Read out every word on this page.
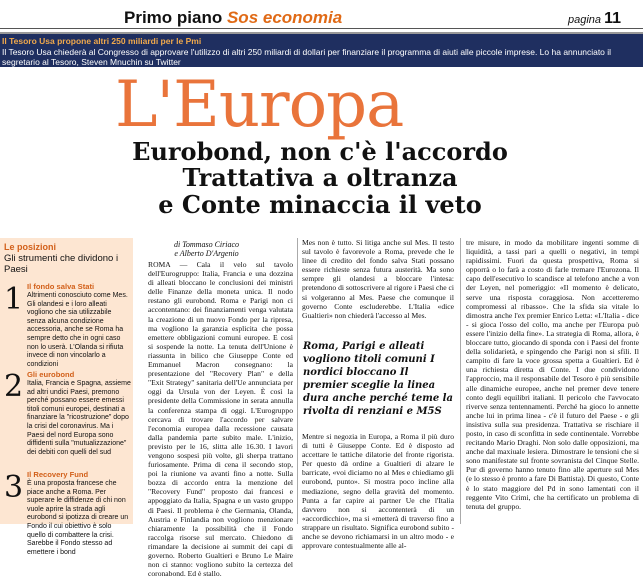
Primo piano Sos economia	pagina 11
Il Tesoro Usa propone altri 250 miliardi per le Pmi
Il Tesoro Usa chiederà al Congresso di approvare l'utilizzo di altri 250 miliardi di dollari per finanziare il programma di aiuti alle piccole imprese. Lo ha annunciato il segretario al Tesoro, Steven Mnuchin su Twitter
L'Europa
Eurobond, non c'è l'accordo
Trattativa a oltranza
e Conte minaccia il veto
Le posizioni
Gli strumenti che dividono i Paesi
1 Il fondo salva Stati
Altrimenti conosciuto come Mes. Gli olandesi e i loro alleati vogliono che sia utilizzabile senza alcuna condizione accessoria, anche se Roma ha sempre detto che in ogni caso non lo userà. L'Olanda si rifiuta invece di non vincolarlo a condizioni
2 Gli eurobond
Italia, Francia e Spagna, assieme ad altri undici Paesi, premono perché possano essere emessi titoli comuni europei, destinati a finanziare la "ricostruzione" dopo la crisi del coronavirus. Ma i Paesi del nord Europa sono diffidenti sulla "mutualizzazione" dei debiti con quelli del sud
3 Il Recovery Fund
È una proposta francese che piace anche a Roma. Per superare le diffidenze di chi non vuole aprire la strada agli eurobond si ipotizza di creare un Fondo il cui obiettivo è solo quello di combattere la crisi. Sarebbe il Fondo stesso ad emettere i bond
di Tommaso Ciriaco
e Alberto D'Argenio
ROMA — Cala il velo sul tavolo dell'Eurogruppo: Italia, Francia e una dozzina di alleati bloccano le conclusioni dei ministri delle Finanze della moneta unica. Il nodo restano gli eurobond. Roma e Parigi non ci accontentano: dei finanziamenti venga valutata la creazione di un nuovo Fondo per la ripresa, ma vogliono la garanzia esplicita che possa emettere obbligazioni comuni europee. E così si sospende la notte. La tenuta dell'Unione è riassunta in bilico che Giuseppe Conte ed Emmanuel Macron consegnano: la presentazione del "Recovery Plan" e della "Exit Strategy" sanitaria dell'Ue annunciata per oggi da Ursula von der Leyen. È così la presidente della Commissione in serata annulla la conferenza stampa di oggi. L'Eurogruppo cercava di trovare l'accordo per salvare l'economia europea dalla recessione causata dalla pandemia parte subito male. L'inizio, previsto per le 16, slitta alle 16.30. I lavori vengono sospesi più volte, gli sherpa trattano furiosamente. Prima di cena il secondo stop, poi la riunione va avanti fino a notte. Sulla bozza di accordo entra la menzione del "Recovery Fund" proposto dai francesi e appoggiato da Italia, Spagna e un vasto gruppo di Paesi. Il problema è che Germania, Olanda, Austria e Finlandia non vogliono menzionare chiaramente la possibilità che il Fondo raccolga risorse sul mercato. Chiedono di rimandare la decisione ai summit dei capi di governo. Roberto Gualtieri e Bruno Le Maire non ci stanno: vogliono subito la certezza del coronabond. Ed è stallo.
Mes non è tutto. Si litiga anche sul Mes. Il testo sul tavolo è favorevole a Roma, prevede che le linee di credito del fondo salva Stati possano essere richieste senza futura austerità. Ma sono sempre gli olandesi a bloccare l'intesa: pretendono di sottoscrivere al rigore i Paesi che ci si volgeranno al Mes. Paese che comunque il governo Conte escluderebbe. L'Italia «dice Gualtieri» non chiederà l'accesso al Mes.
Roma, Parigi e alleati vogliono titoli comuni I nordici bloccano Il premier sceglie la linea dura anche perché teme la rivolta di renziani e M5S
Mentre si negozia in Europa, a Roma il più duro di tutti è Giuseppe Conte. Ed è disposto ad accettare le tattiche dilatorie del fronte rigorista. Per questo dà ordine a Gualtieri di alzare le barricate, «voi diciamo no al Mes e chiediamo gli eurobond, punto». Si mostra poco incline alla mediazione, segno della gravità del momento. Punta a far capire ai partner Ue che l'Italia davvero non si accontenterà di un «accordicchio», ma si «metterà di traverso fino a strappare un risultato. Significa eurobond subito - anche se devono richiamarsi in un altro modo - e approvare contestualmente alle al-
tre misure, in modo da mobilitare ingenti somme di liquidità, a tassi pari a quelli o negativi, in tempi rapidissimi. Fuori da questa prospettiva, Roma si opporrà o lo farà a costo di farle tremare l'Eurozona. Il capo dell'esecutivo lo scandisce al telefono anche a von der Leyen, nel pomeriggio: «Il momento è delicato, serve una risposta coraggiosa. Non accetteremo compromessi al ribasso». Che la sfida sia vitale lo dimostra anche l'ex premier Enrico Letta: «L'Italia - dice - si gioca l'osso del collo, ma anche per l'Europa può essere l'inizio della fine». La strategia di Roma, allora, è bloccare tutto, giocando di sponda con i Paesi del fronte della solidarietà, e spingendo che Parigi non si sfili. Il campito di fare la voce grossa spetta a Gualtieri. Ed è una richiesta diretta di Conte. I due condividono l'approccio, ma il responsabile del Tesoro è più sensibile alle dinamiche europee, anche nel premer deve tenere conto degli equilibri italiani. Il pericolo che l'avvocato riverve senza tentennamenti. Perché ha gioco lo annette anche lui in prima linea - c'è il futuro del Paese - e gli insistiva sulla sua presidenza. Trattativa se rischiare il posto, in caso di sconfitta in sede continentale. Vorrebbe recitando Mario Draghi. Non solo dalle opposizioni, ma anche dal maxiuale lesiera. Dimostrare le tensioni che si sono manifestate sul fronte sovranista del Cinque Stelle. Pur di governo hanno tenuto fino alle aperture sul Mes (e lo stesso è pronto a fare Di Battista). Di questo, Conte è lo stato maggiore del Pd in sono lamentati con il reggente Vito Crimi, che ha certificato un problema di tenuta del gruppo.
